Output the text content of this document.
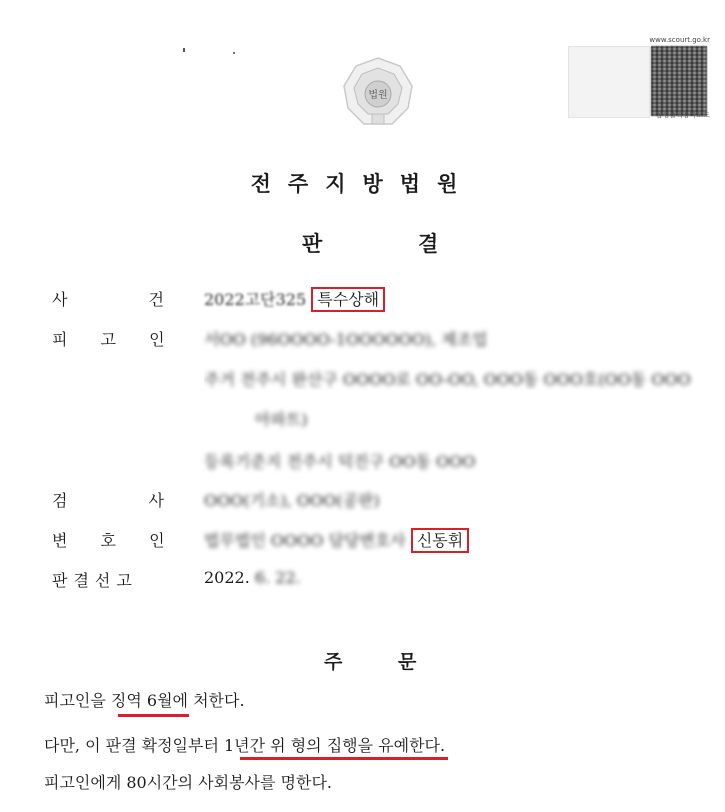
법원
www.scourt.go.kr
음성출력용바코드
전주지방법원
판	결
사 건 2022고단325 특수상해
피 고 인 서OO (96OOOO-1OOOOOO), 제조업
주거 전주시 완산구 OOOO로 OO-OO, OOO동 OOO호(OO동 OOO
아파트)
등록기준지 전주시 덕진구 OO동 OOO
검 사 OOO(기소), OOO(공판)
변 호 인 법무법인 OOOO 담당변호사 신동휘
판결선고	2022. 6. 22.
주	문
피고인을 징역 6월에 처한다.
다만, 이 판결 확정일부터 1년간 위 형의 집행을 유예한다.
피고인에게 80시간의 사회봉사를 명한다.
